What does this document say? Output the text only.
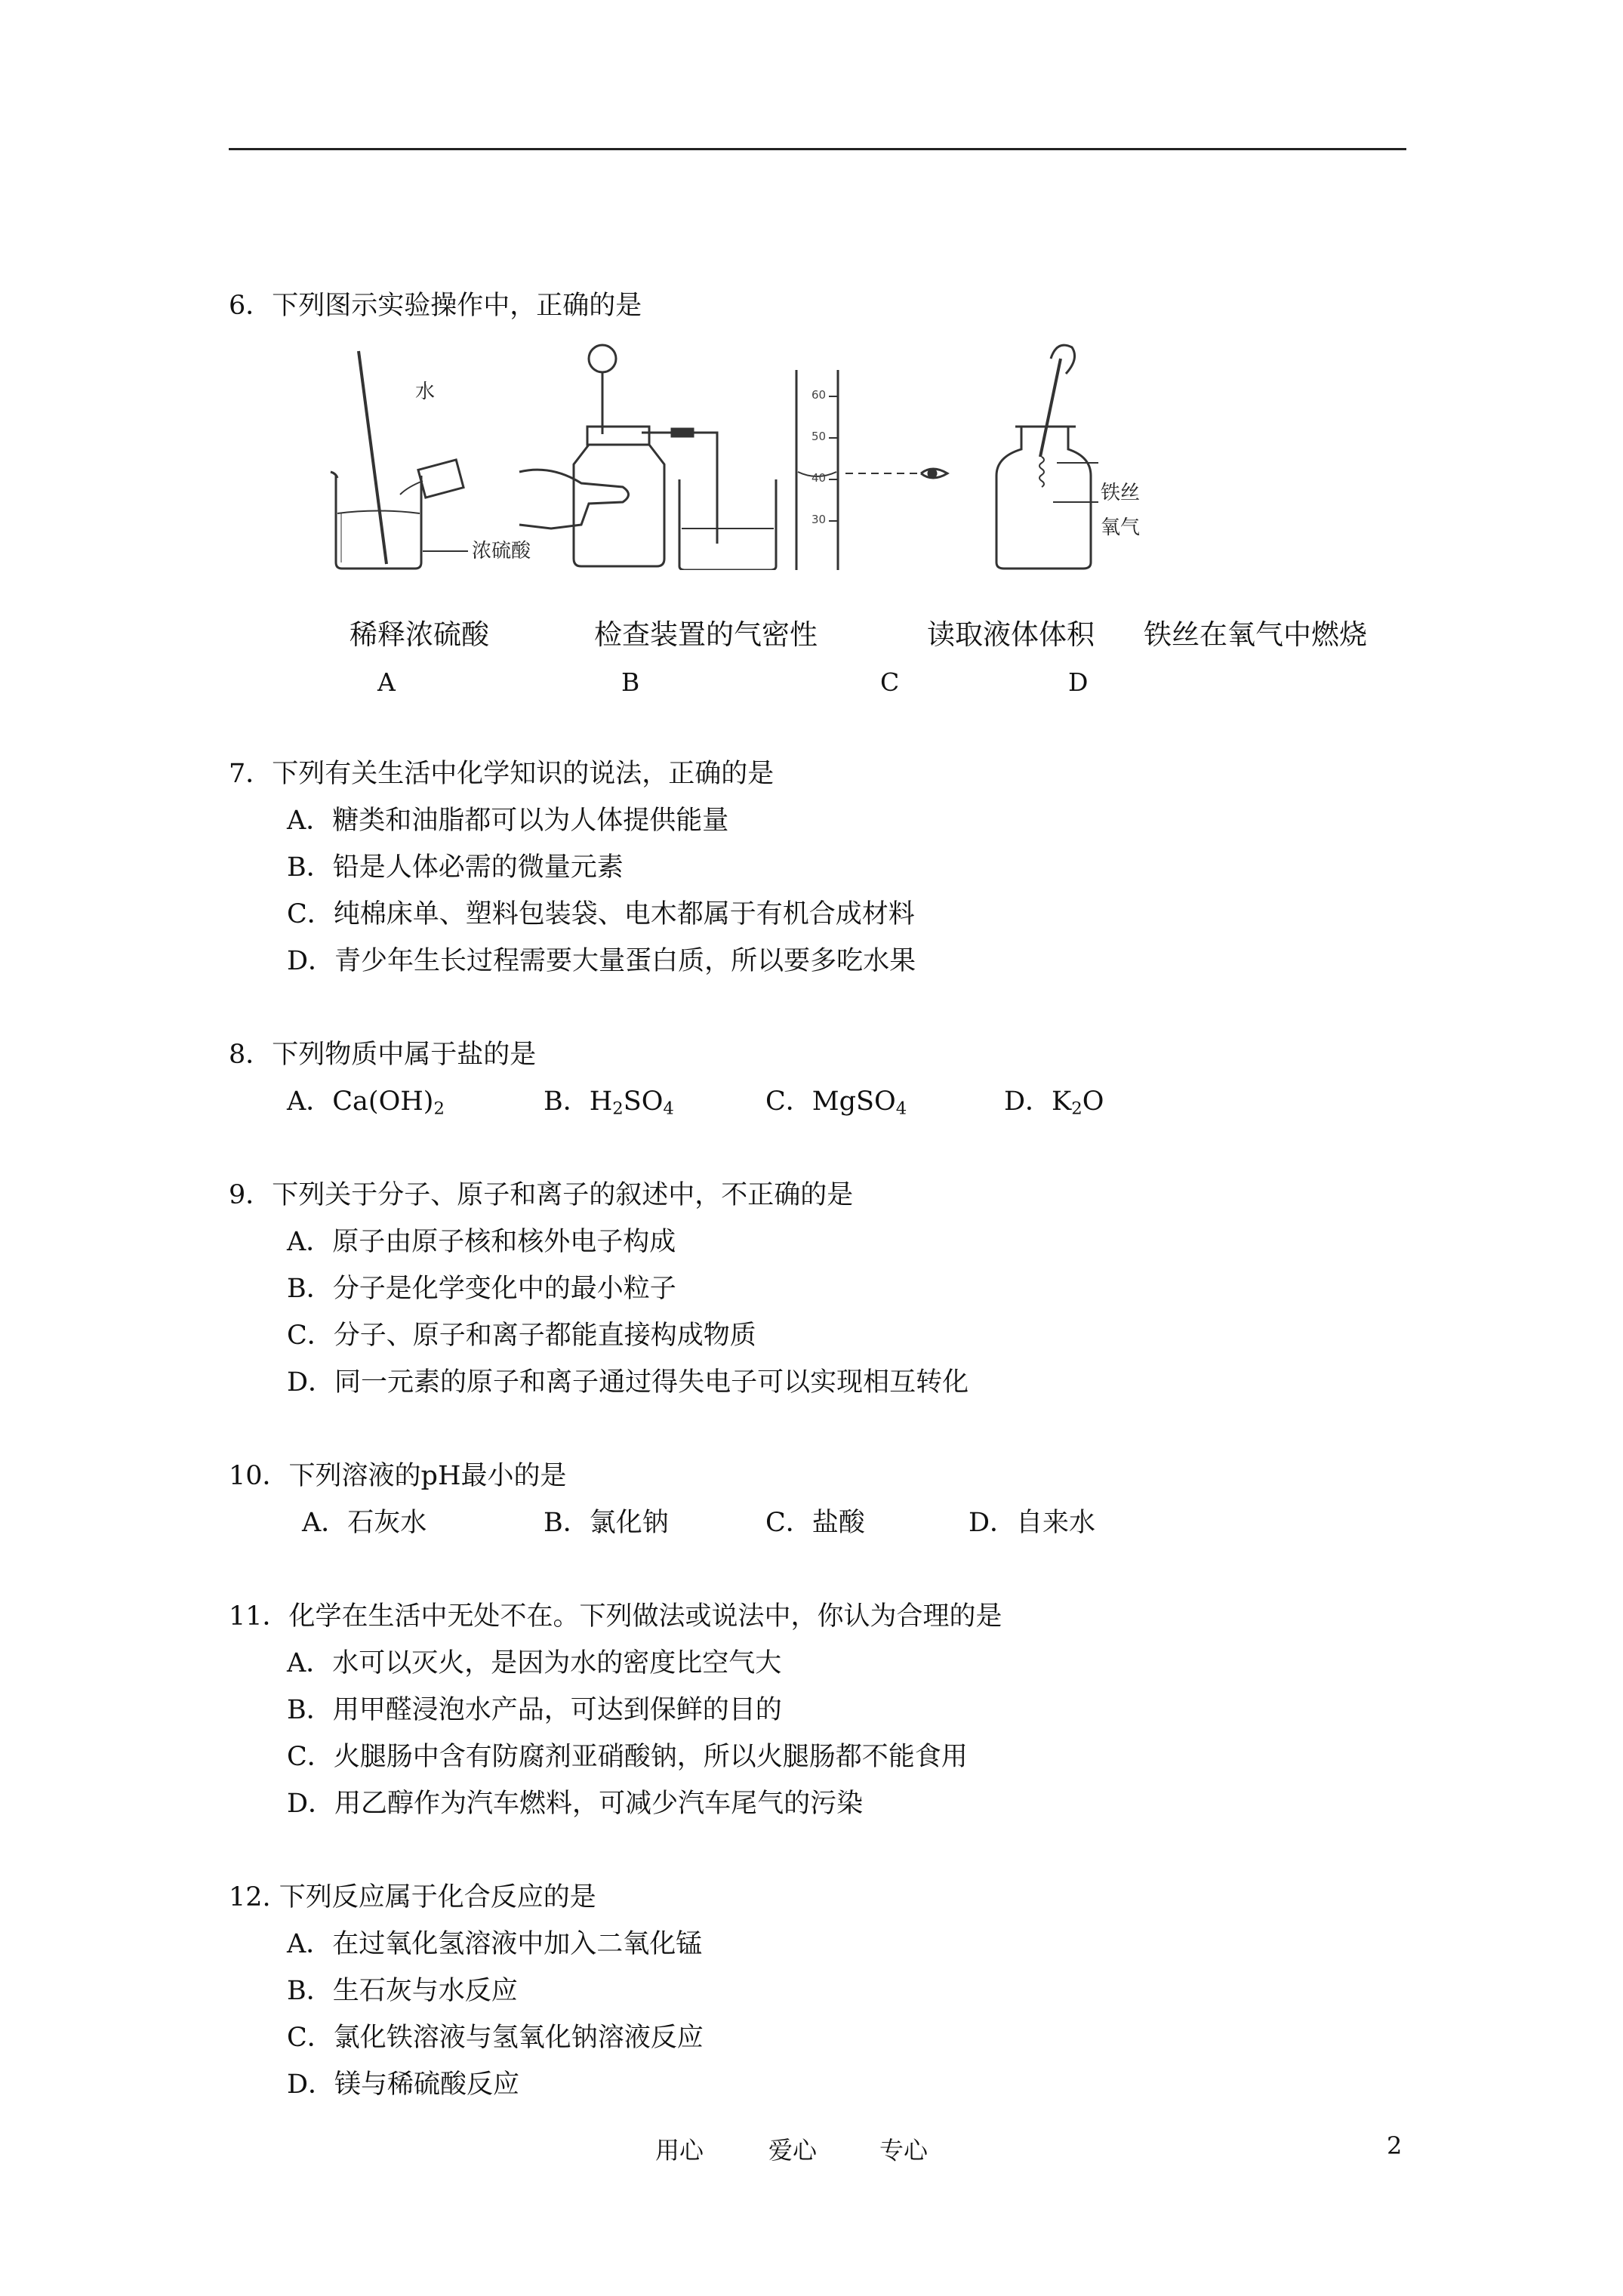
6．下列图示实验操作中，正确的是
水
浓硫酸
60
50
40
30
铁丝
氧气
稀释浓硫酸	检查装置的气密性	读取液体体积 铁丝在氧气中燃烧
A	B	C	D
7．下列有关生活中化学知识的说法，正确的是
A．糖类和油脂都可以为人体提供能量
B．铅是人体必需的微量元素
C．纯棉床单、塑料包装袋、电木都属于有机合成材料
D．青少年生长过程需要大量蛋白质，所以要多吃水果
8．下列物质中属于盐的是
A．$Ca(OH)_2$	B．$H_2SO_4$	C．MgSO$_4$	D．$K_2O$
9．下列关于分子、原子和离子的叙述中，不正确的是
A．原子由原子核和核外电子构成
B．分子是化学变化中的最小粒子
C．分子、原子和离子都能直接构成物质
D．同一元素的原子和离子通过得失电子可以实现相互转化
10．下列溶液的pH最小的是
A．石灰水	B．氯化钠	C．盐酸	D．自来水
11．化学在生活中无处不在。下列做法或说法中，你认为合理的是
A．水可以灭火，是因为水的密度比空气大
B．用甲醛浸泡水产品，可达到保鲜的目的
C．火腿肠中含有防腐剂亚硝酸钠，所以火腿肠都不能食用
D．用乙醇作为汽车燃料，可减少汽车尾气的污染
12. 下列反应属于化合反应的是
A．在过氧化氢溶液中加入二氧化锰
B．生石灰与水反应
C．氯化铁溶液与氢氧化钠溶液反应
D．镁与稀硫酸反应
用心	爱心	专心	2
